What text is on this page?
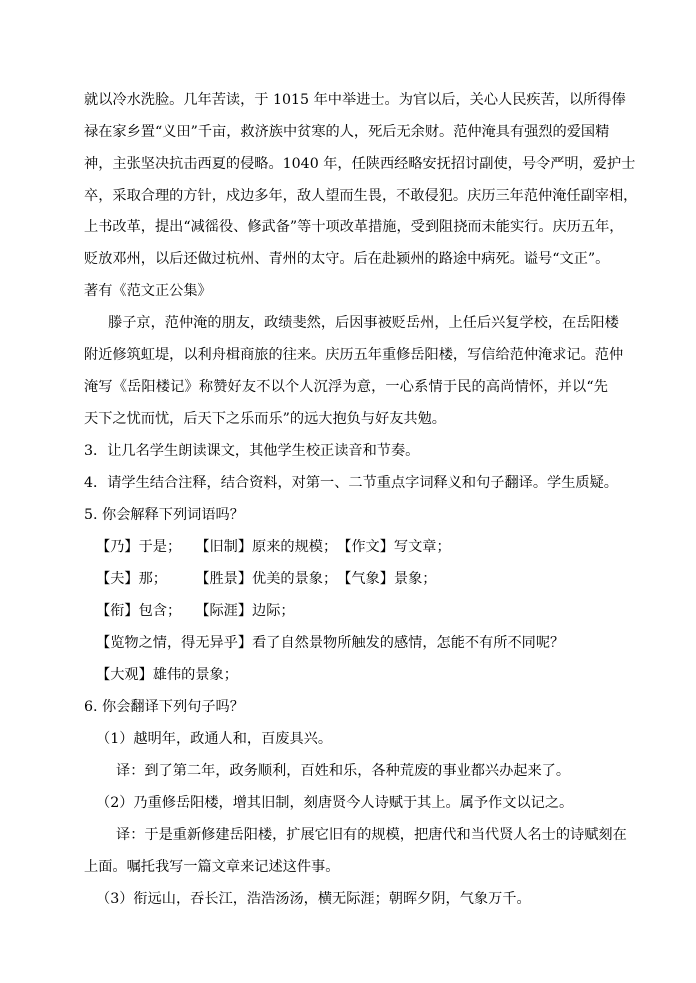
就以冷水洗脸。几年苦读，于 1015 年中举进士。为官以后，关心人民疾苦，以所得俸
禄在家乡置“义田”千亩，救济族中贫寒的人，死后无余财。范仲淹具有强烈的爱国精
神，主张坚决抗击西夏的侵略。1040 年，任陕西经略安抚招讨副使，号令严明，爱护士
卒，采取合理的方针，戍边多年，敌人望而生畏，不敢侵犯。庆历三年范仲淹任副宰相，
上书改革，提出“减徭役、修武备”等十项改革措施，受到阻挠而未能实行。庆历五年，
贬放邓州，以后还做过杭州、青州的太守。后在赴颍州的路途中病死。谥号“文正”。
著有《范文正公集》
滕子京，范仲淹的朋友，政绩斐然，后因事被贬岳州，上任后兴复学校，在岳阳楼
附近修筑虹堤，以利舟楫商旅的往来。庆历五年重修岳阳楼，写信给范仲淹求记。范仲
淹写《岳阳楼记》称赞好友不以个人沉浮为意，一心系情于民的高尚情怀，并以“先
天下之忧而忧，后天下之乐而乐”的远大抱负与好友共勉。
3．让几名学生朗读课文，其他学生校正读音和节奏。
4．请学生结合注释，结合资料，对第一、二节重点字词释义和句子翻译。学生质疑。
5. 你会解释下列词语吗？
【乃】于是；　　【旧制】原来的规模；　【作文】写文章；
【夫】那；　　　【胜景】优美的景象；　【气象】景象；
【衔】包含；　　【际涯】边际；
【览物之情，得无异乎】看了自然景物所触发的感情，怎能不有所不同呢？
【大观】雄伟的景象；
6. 你会翻译下列句子吗？
（1）越明年，政通人和，百废具兴。
译：到了第二年，政务顺利，百姓和乐，各种荒废的事业都兴办起来了。
（2）乃重修岳阳楼，增其旧制，刻唐贤今人诗赋于其上。属予作文以记之。
译：于是重新修建岳阳楼，扩展它旧有的规模，把唐代和当代贤人名士的诗赋刻在
上面。嘱托我写一篇文章来记述这件事。
（3）衔远山，吞长江，浩浩汤汤，横无际涯；朝晖夕阴，气象万千。
